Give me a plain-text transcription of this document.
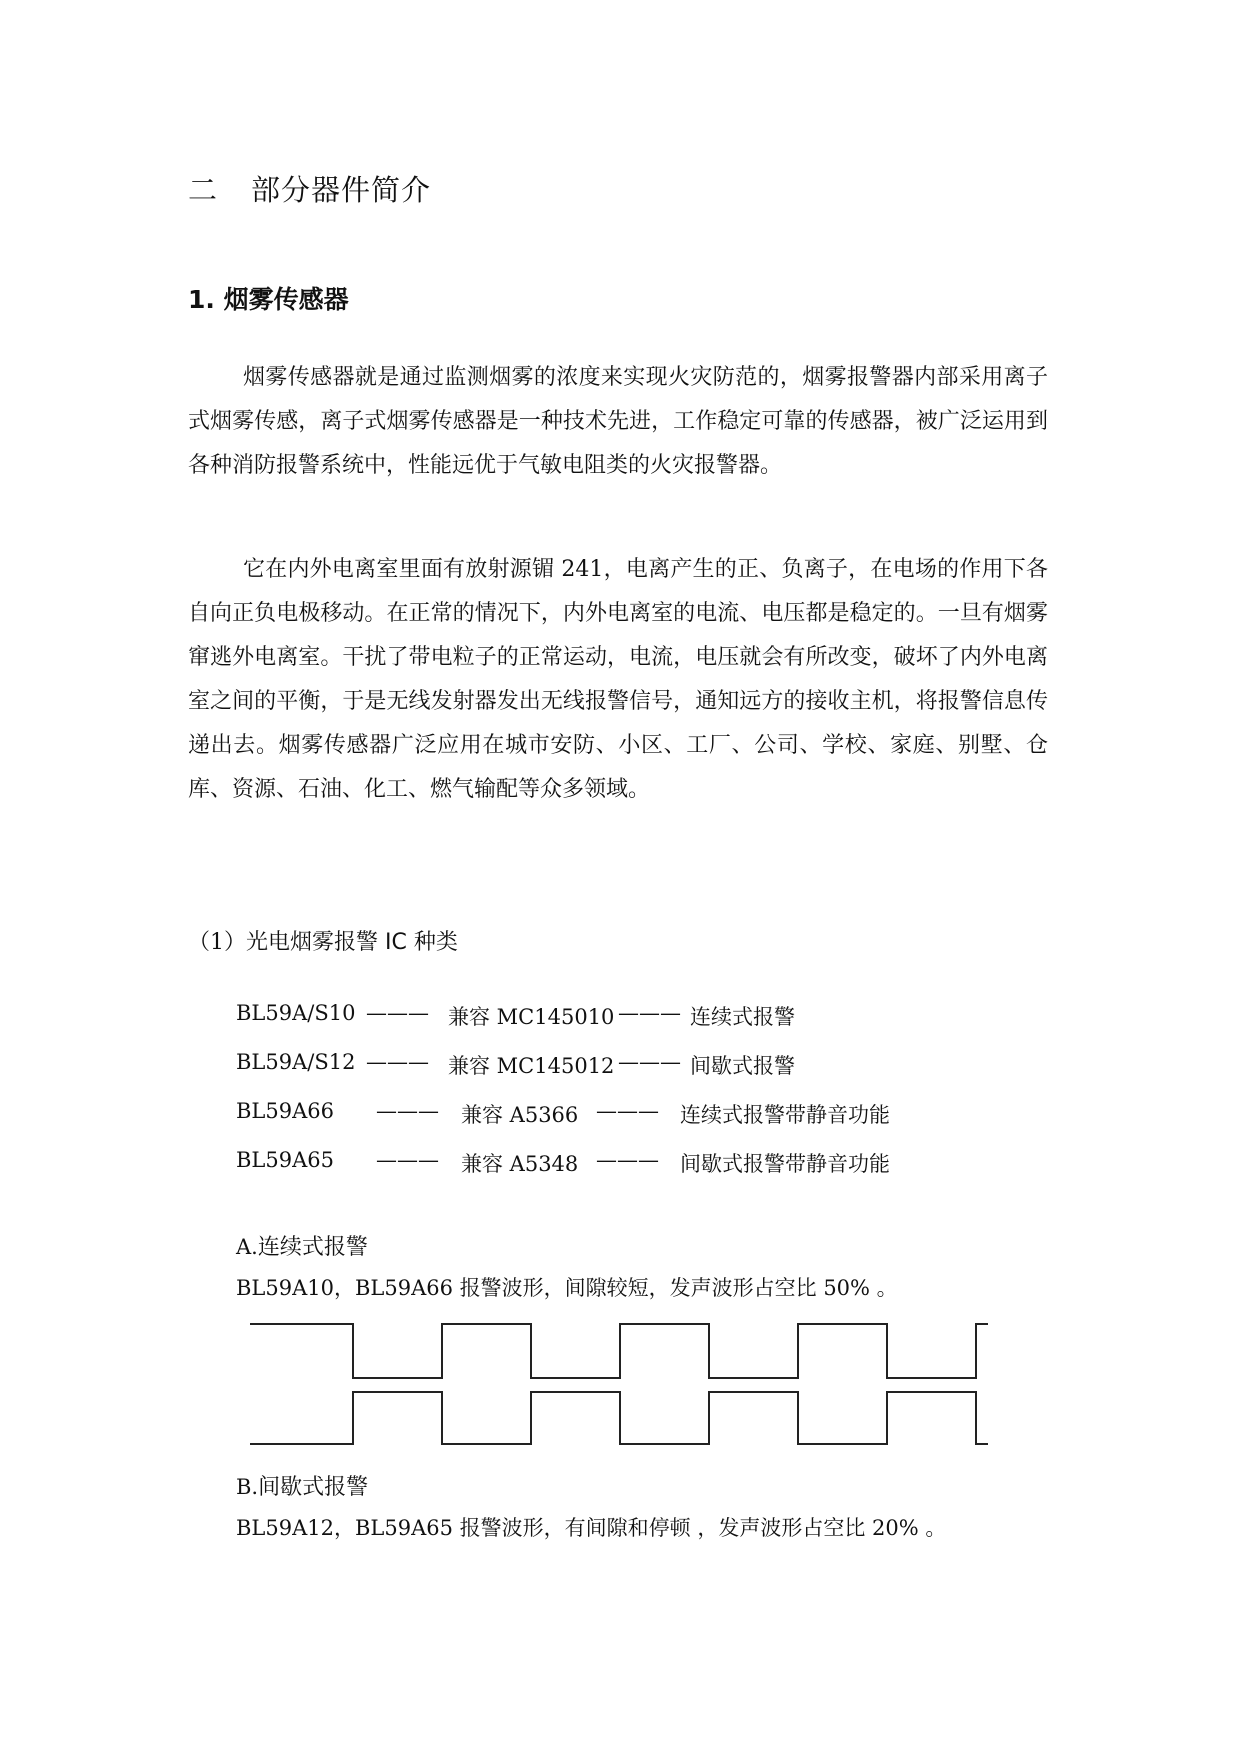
二 部分器件简介
1. 烟雾传感器

烟雾传感器就是通过监测烟雾的浓度来实现火灾防范的，烟雾报警器内部采用离子式烟雾传感，离子式烟雾传感器是一种技术先进，工作稳定可靠的传感器，被广泛运用到各种消防报警系统中，性能远优于气敏电阻类的火灾报警器。

它在内外电离室里面有放射源镅 241，电离产生的正、负离子，在电场的作用下各自向正负电极移动。在正常的情况下，内外电离室的电流、电压都是稳定的。一旦有烟雾窜逃外电离室。干扰了带电粒子的正常运动，电流，电压就会有所改变，破坏了内外电离室之间的平衡，于是无线发射器发出无线报警信号，通知远方的接收主机，将报警信息传递出去。烟雾传感器广泛应用在城市安防、小区、工厂、公司、学校、家庭、别墅、仓库、资源、石油、化工、燃气输配等众多领域。

（1）光电烟雾报警 IC 种类
BL59A/S10 ——— 兼容 MC145010 ——— 连续式报警
BL59A/S12 ——— 兼容 MC145012 ——— 间歇式报警
BL59A66 ——— 兼容 A5366 ——— 连续式报警带静音功能
BL59A65 ——— 兼容 A5348 ——— 间歇式报警带静音功能
A.连续式报警
BL59A10，BL59A66 报警波形，间隙较短，发声波形占空比 50% 。
B.间歇式报警
BL59A12，BL59A65 报警波形，有间隙和停顿 ，发声波形占空比 20% 。
